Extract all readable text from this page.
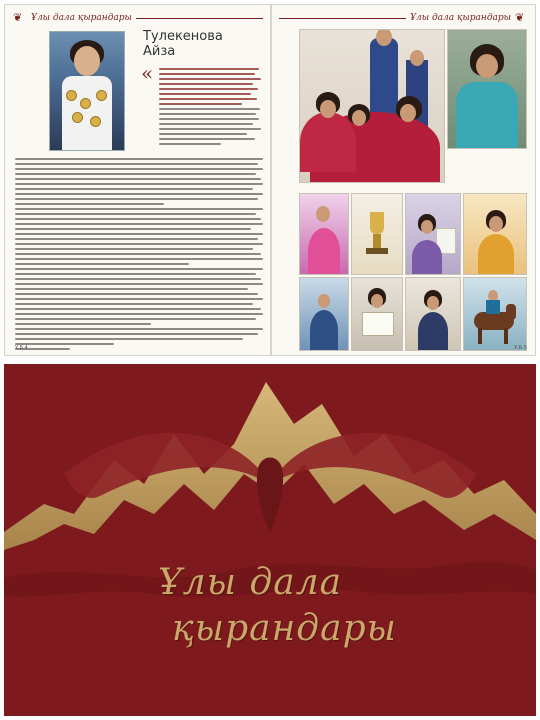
❦ Ұлы дала қырандары
Тулекенова
Айза
«
У.Б.4
Ұлы дала қырандары ❦
У.Б.5
Ұлы дала
қырандары
